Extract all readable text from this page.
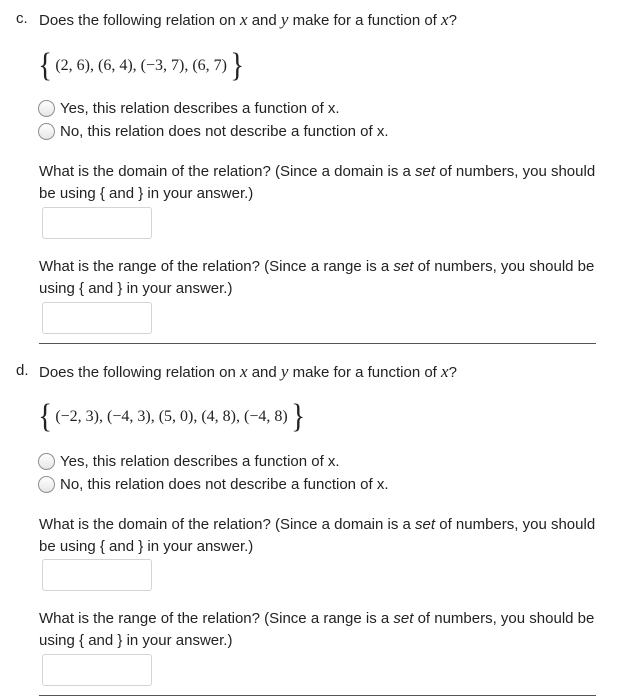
c. Does the following relation on x and y make for a function of x?
{ (2, 6), (6, 4), (−3, 7), (6, 7) }
Yes, this relation describes a function of x.
No, this relation does not describe a function of x.
What is the domain of the relation? (Since a domain is a set of numbers, you should be using { and } in your answer.)
What is the range of the relation? (Since a range is a set of numbers, you should be using { and } in your answer.)
d. Does the following relation on x and y make for a function of x?
{ (−2, 3), (−4, 3), (5, 0), (4, 8), (−4, 8) }
Yes, this relation describes a function of x.
No, this relation does not describe a function of x.
What is the domain of the relation? (Since a domain is a set of numbers, you should be using { and } in your answer.)
What is the range of the relation? (Since a range is a set of numbers, you should be using { and } in your answer.)
